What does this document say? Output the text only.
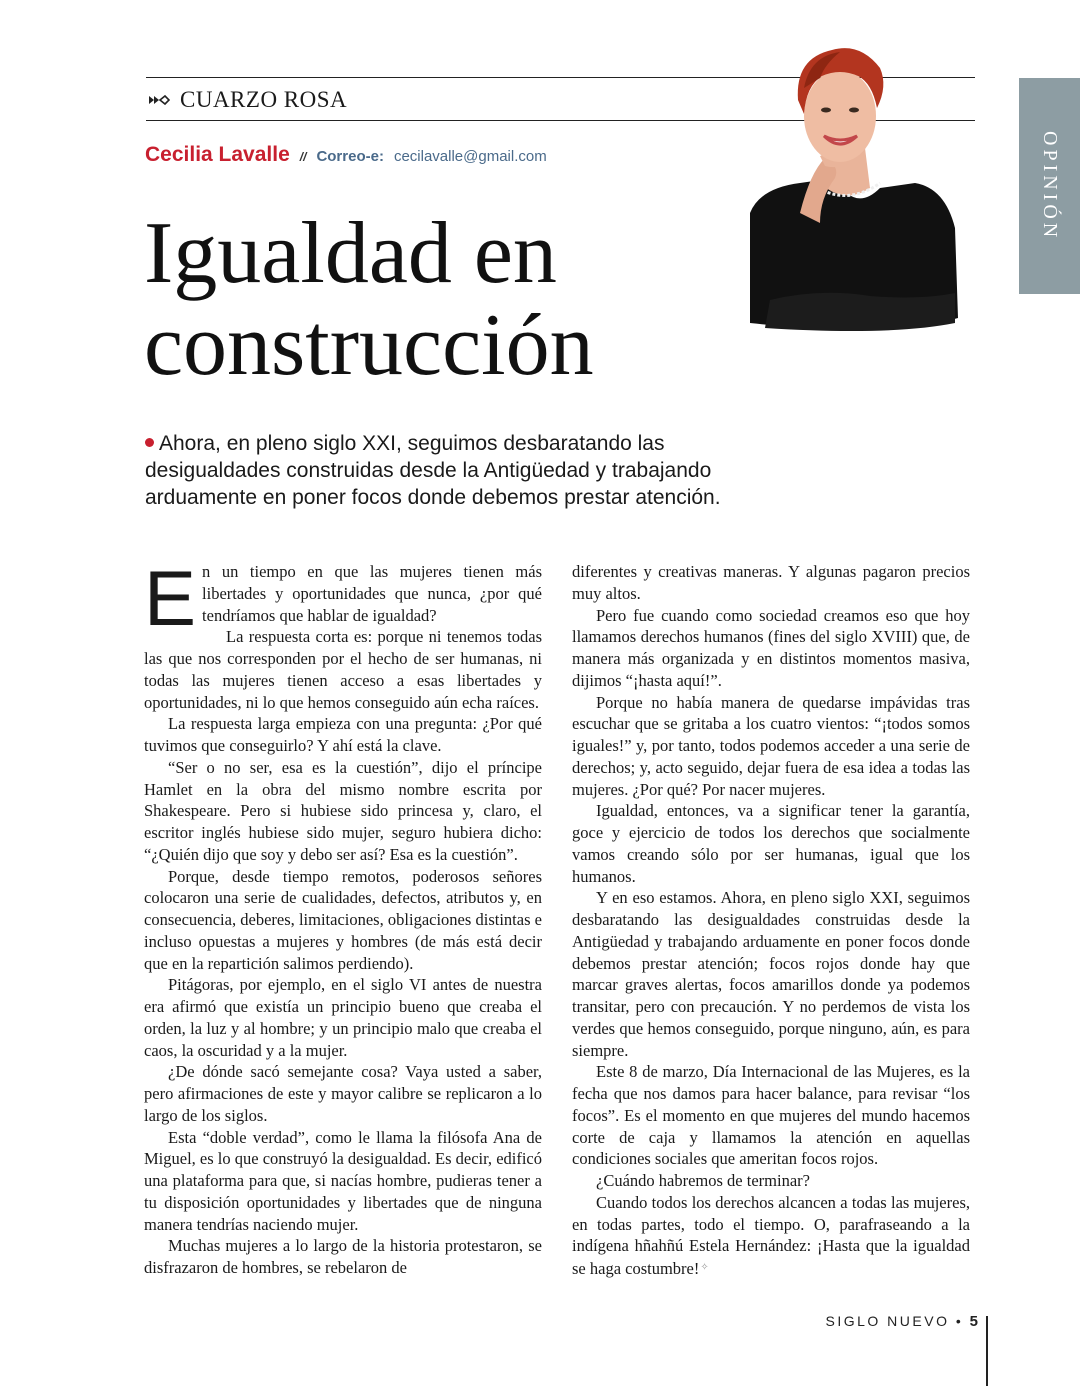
CUARZO ROSA
Cecilia Lavalle // Correo-e: cecilavalle@gmail.com
Igualdad en
construcción
OPINIÓN

Ahora, en pleno siglo XXI, seguimos desbaratando las desigualdades construidas desde la Antigüedad y trabajando arduamente en poner focos donde debemos prestar atención.

En un tiempo en que las mujeres tienen más libertades y oportunidades que nunca, ¿por qué tendríamos que hablar de igualdad?

La respuesta corta es: porque ni tenemos todas las que nos corresponden por el hecho de ser humanas, ni todas las mujeres tienen acceso a esas libertades y oportunidades, ni lo que hemos conseguido aún echa raíces.

La respuesta larga empieza con una pregunta: ¿Por qué tuvimos que conseguirlo? Y ahí está la clave.

“Ser o no ser, esa es la cuestión”, dijo el príncipe Hamlet en la obra del mismo nombre escrita por Shakespeare. Pero si hubiese sido princesa y, claro, el escritor inglés hubiese sido mujer, seguro hubiera dicho: “¿Quién dijo que soy y debo ser así? Esa es la cuestión”.

Porque, desde tiempo remotos, poderosos señores colocaron una serie de cualidades, defectos, atributos y, en consecuencia, deberes, limitaciones, obligaciones distintas e incluso opuestas a mujeres y hombres (de más está decir que en la repartición salimos perdiendo).

Pitágoras, por ejemplo, en el siglo VI antes de nuestra era afirmó que existía un principio bueno que creaba el orden, la luz y al hombre; y un principio malo que creaba el caos, la oscuridad y a la mujer.

¿De dónde sacó semejante cosa? Vaya usted a saber, pero afirmaciones de este y mayor calibre se replicaron a lo largo de los siglos.

Esta “doble verdad”, como le llama la filósofa Ana de Miguel, es lo que construyó la desigualdad. Es decir, edificó una plataforma para que, si nacías hombre, pudieras tener a tu disposición oportunidades y libertades que de ninguna manera tendrías naciendo mujer.

Muchas mujeres a lo largo de la historia protestaron, se disfrazaron de hombres, se rebelaron de

diferentes y creativas maneras. Y algunas pagaron precios muy altos.

Pero fue cuando como sociedad creamos eso que hoy llamamos derechos humanos (fines del siglo XVIII) que, de manera más organizada y en distintos momentos masiva, dijimos “¡hasta aquí!”.

Porque no había manera de quedarse impávidas tras escuchar que se gritaba a los cuatro vientos: “¡todos somos iguales!” y, por tanto, todos podemos acceder a una serie de derechos; y, acto seguido, dejar fuera de esa idea a todas las mujeres. ¿Por qué? Por nacer mujeres.

Igualdad, entonces, va a significar tener la garantía, goce y ejercicio de todos los derechos que socialmente vamos creando sólo por ser humanas, igual que los humanos.

Y en eso estamos. Ahora, en pleno siglo XXI, seguimos desbaratando las desigualdades construidas desde la Antigüedad y trabajando arduamente en poner focos donde debemos prestar atención; focos rojos donde hay que marcar graves alertas, focos amarillos donde ya podemos transitar, pero con precaución. Y no perdemos de vista los verdes que hemos conseguido, porque ninguno, aún, es para siempre.

Este 8 de marzo, Día Internacional de las Mujeres, es la fecha que nos damos para hacer balance, para revisar “los focos”. Es el momento en que mujeres del mundo hacemos corte de caja y llamamos la atención en aquellas condiciones sociales que ameritan focos rojos.

¿Cuándo habremos de terminar?

Cuando todos los derechos alcancen a todas las mujeres, en todas partes, todo el tiempo. O, parafraseando a la indígena hñahñú Estela Hernández: ¡Hasta que la igualdad se haga costumbre!✧

SIGLO NUEVO • 5
